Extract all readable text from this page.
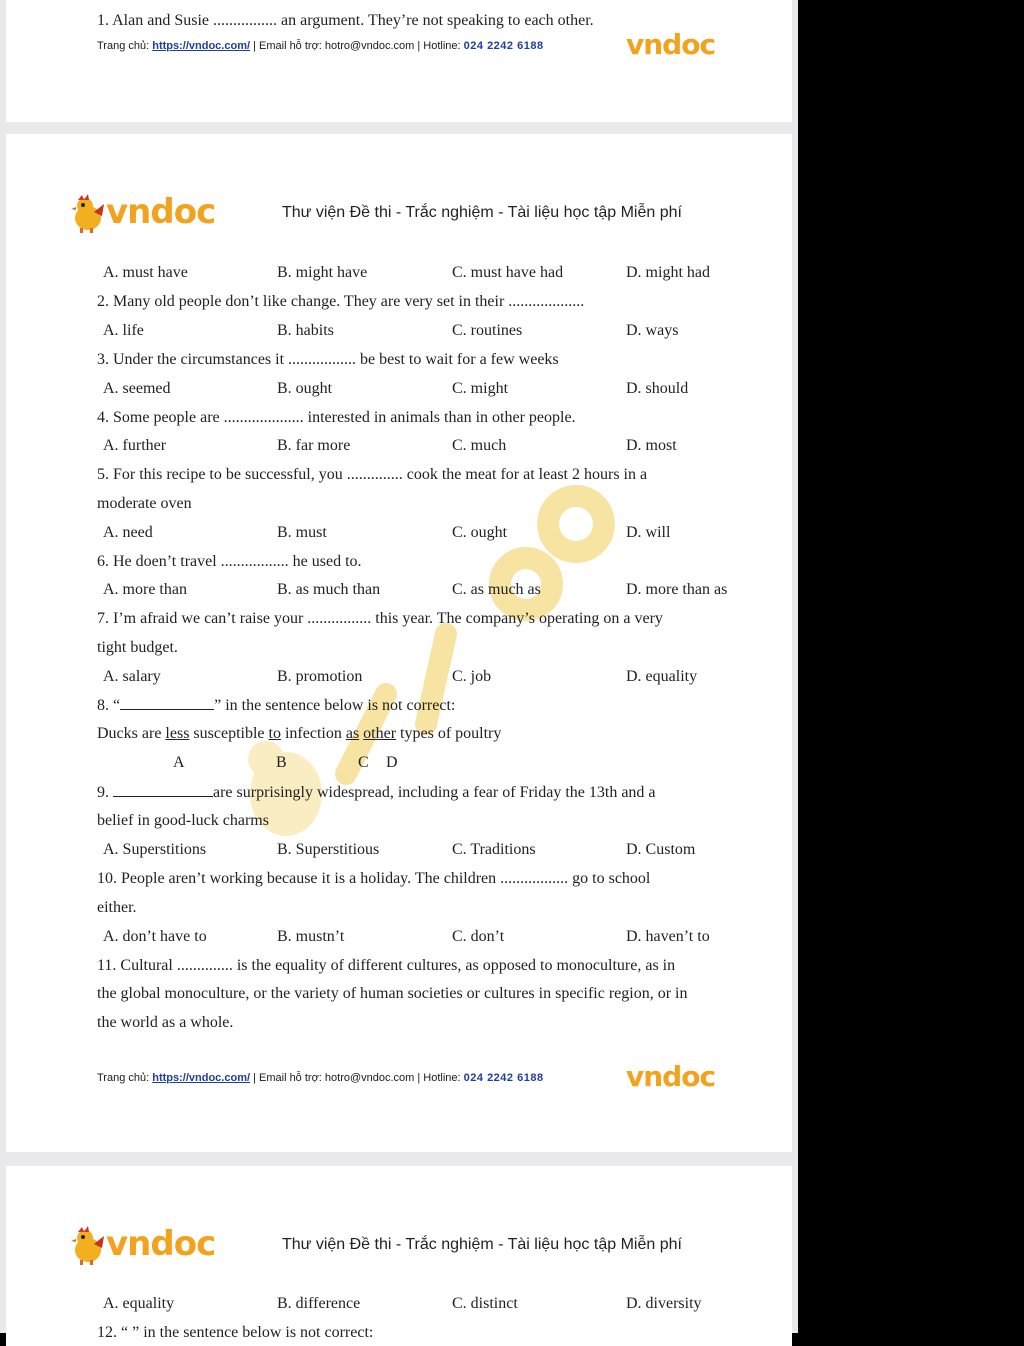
1. Alan and Susie ................ an argument. They’re not speaking to each other.
Trang chủ: https://vndoc.com/ | Email hỗ trợ: hotro@vndoc.com | Hotline: 024 2242 6188	vndoc
vndoc	Thư viện Đề thi - Trắc nghiệm - Tài liệu học tập Miễn phí
A. must have	B. might have	C. must have had	D. might had
2. Many old people don’t like change. They are very set in their ...................
A. life	B. habits	C. routines	D. ways
3. Under the circumstances it ................. be best to wait for a few weeks
A. seemed	B. ought	C. might	D. should
4. Some people are .................... interested in animals than in other people.
A. further	B. far more	C. much	D. most
5. For this recipe to be successful, you .............. cook the meat for at least 2 hours in a
moderate oven
A. need	B. must	C. ought	D. will
6. He doen’t travel ................. he used to.
A. more than	B. as much than	C. as much as	D. more than as
7. I’m afraid we can’t raise your ................ this year. The company’s operating on a very
tight budget.
A. salary	B. promotion	C. job	D. equality
8. “	” in the sentence below is not correct:
Ducks are less susceptible to infection as other types of poultry
A	B	C D
9.	are surprisingly widespread, including a fear of Friday the 13th and a
belief in good-luck charms
A. Superstitions	B. Superstitious	C. Traditions	D. Custom
10. People aren’t working because it is a holiday. The children ................. go to school
either.
A. don’t have to	B. mustn’t	C. don’t	D. haven’t to
11. Cultural .............. is the equality of different cultures, as opposed to monoculture, as in
the global monoculture, or the variety of human societies or cultures in specific region, or in
the world as a whole.
Trang chủ: https://vndoc.com/ | Email hỗ trợ: hotro@vndoc.com | Hotline: 024 2242 6188	vndoc
vndoc	Thư viện Đề thi - Trắc nghiệm - Tài liệu học tập Miễn phí
A. equality	B. difference	C. distinct	D. diversity
12. “ ” in the sentence below is not correct:
